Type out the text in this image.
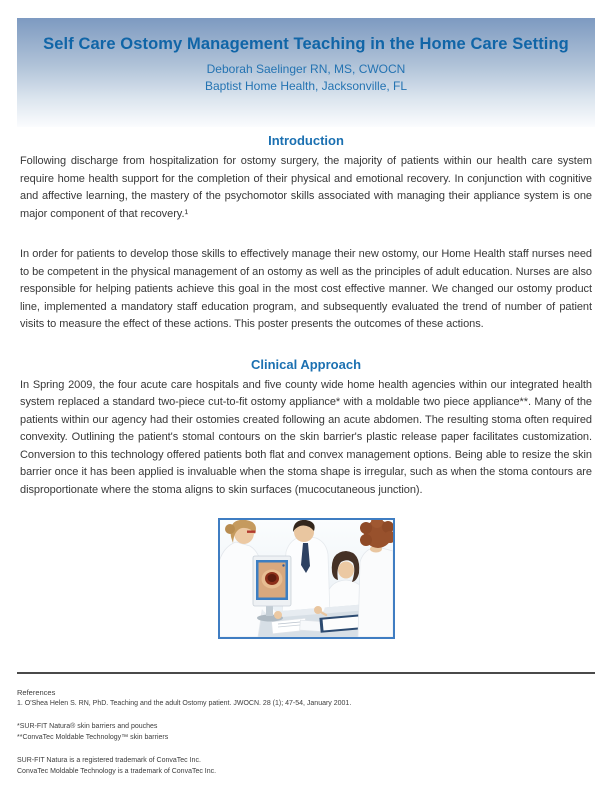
Self Care Ostomy Management Teaching in the Home Care Setting
Deborah Saelinger RN, MS, CWOCN
Baptist Home Health, Jacksonville, FL
Introduction

Following discharge from hospitalization for ostomy surgery, the majority of patients within our health care system require home health support for the completion of their physical and emotional recovery. In conjunction with cognitive and affective learning, the mastery of the psychomotor skills associated with managing their appliance system is one major component of that recovery.¹

In order for patients to develop those skills to effectively manage their new ostomy, our Home Health staff nurses need to be competent in the physical management of an ostomy as well as the principles of adult education. Nurses are also responsible for helping patients achieve this goal in the most cost effective manner. We changed our ostomy product line, implemented a mandatory staff education program, and subsequently evaluated the trend of number of patient visits to measure the effect of these actions. This poster presents the outcomes of these actions.

Clinical Approach

In Spring 2009, the four acute care hospitals and five county wide home health agencies within our integrated health system replaced a standard two-piece cut-to-fit ostomy appliance* with a moldable two piece appliance**. Many of the patients within our agency had their ostomies created following an acute abdomen. The resulting stoma often required convexity. Outlining the patient's stomal contours on the skin barrier's plastic release paper facilitates customization. Conversion to this technology offered patients both flat and convex management options. Being able to resize the skin barrier once it has been applied is invaluable when the stoma shape is irregular, such as when the stoma contours are disproportionate where the stoma aligns to skin surfaces (mucocutaneous junction).

References
1. O'Shea Helen S. RN, PhD. Teaching and the adult Ostomy patient. JWOCN. 28 (1); 47-54, January 2001.
*SUR-FIT Natura® skin barriers and pouches
**ConvaTec Moldable Technology™ skin barriers
SUR-FIT Natura is a registered trademark of ConvaTec Inc.
ConvaTec Moldable Technology is a trademark of ConvaTec Inc.
